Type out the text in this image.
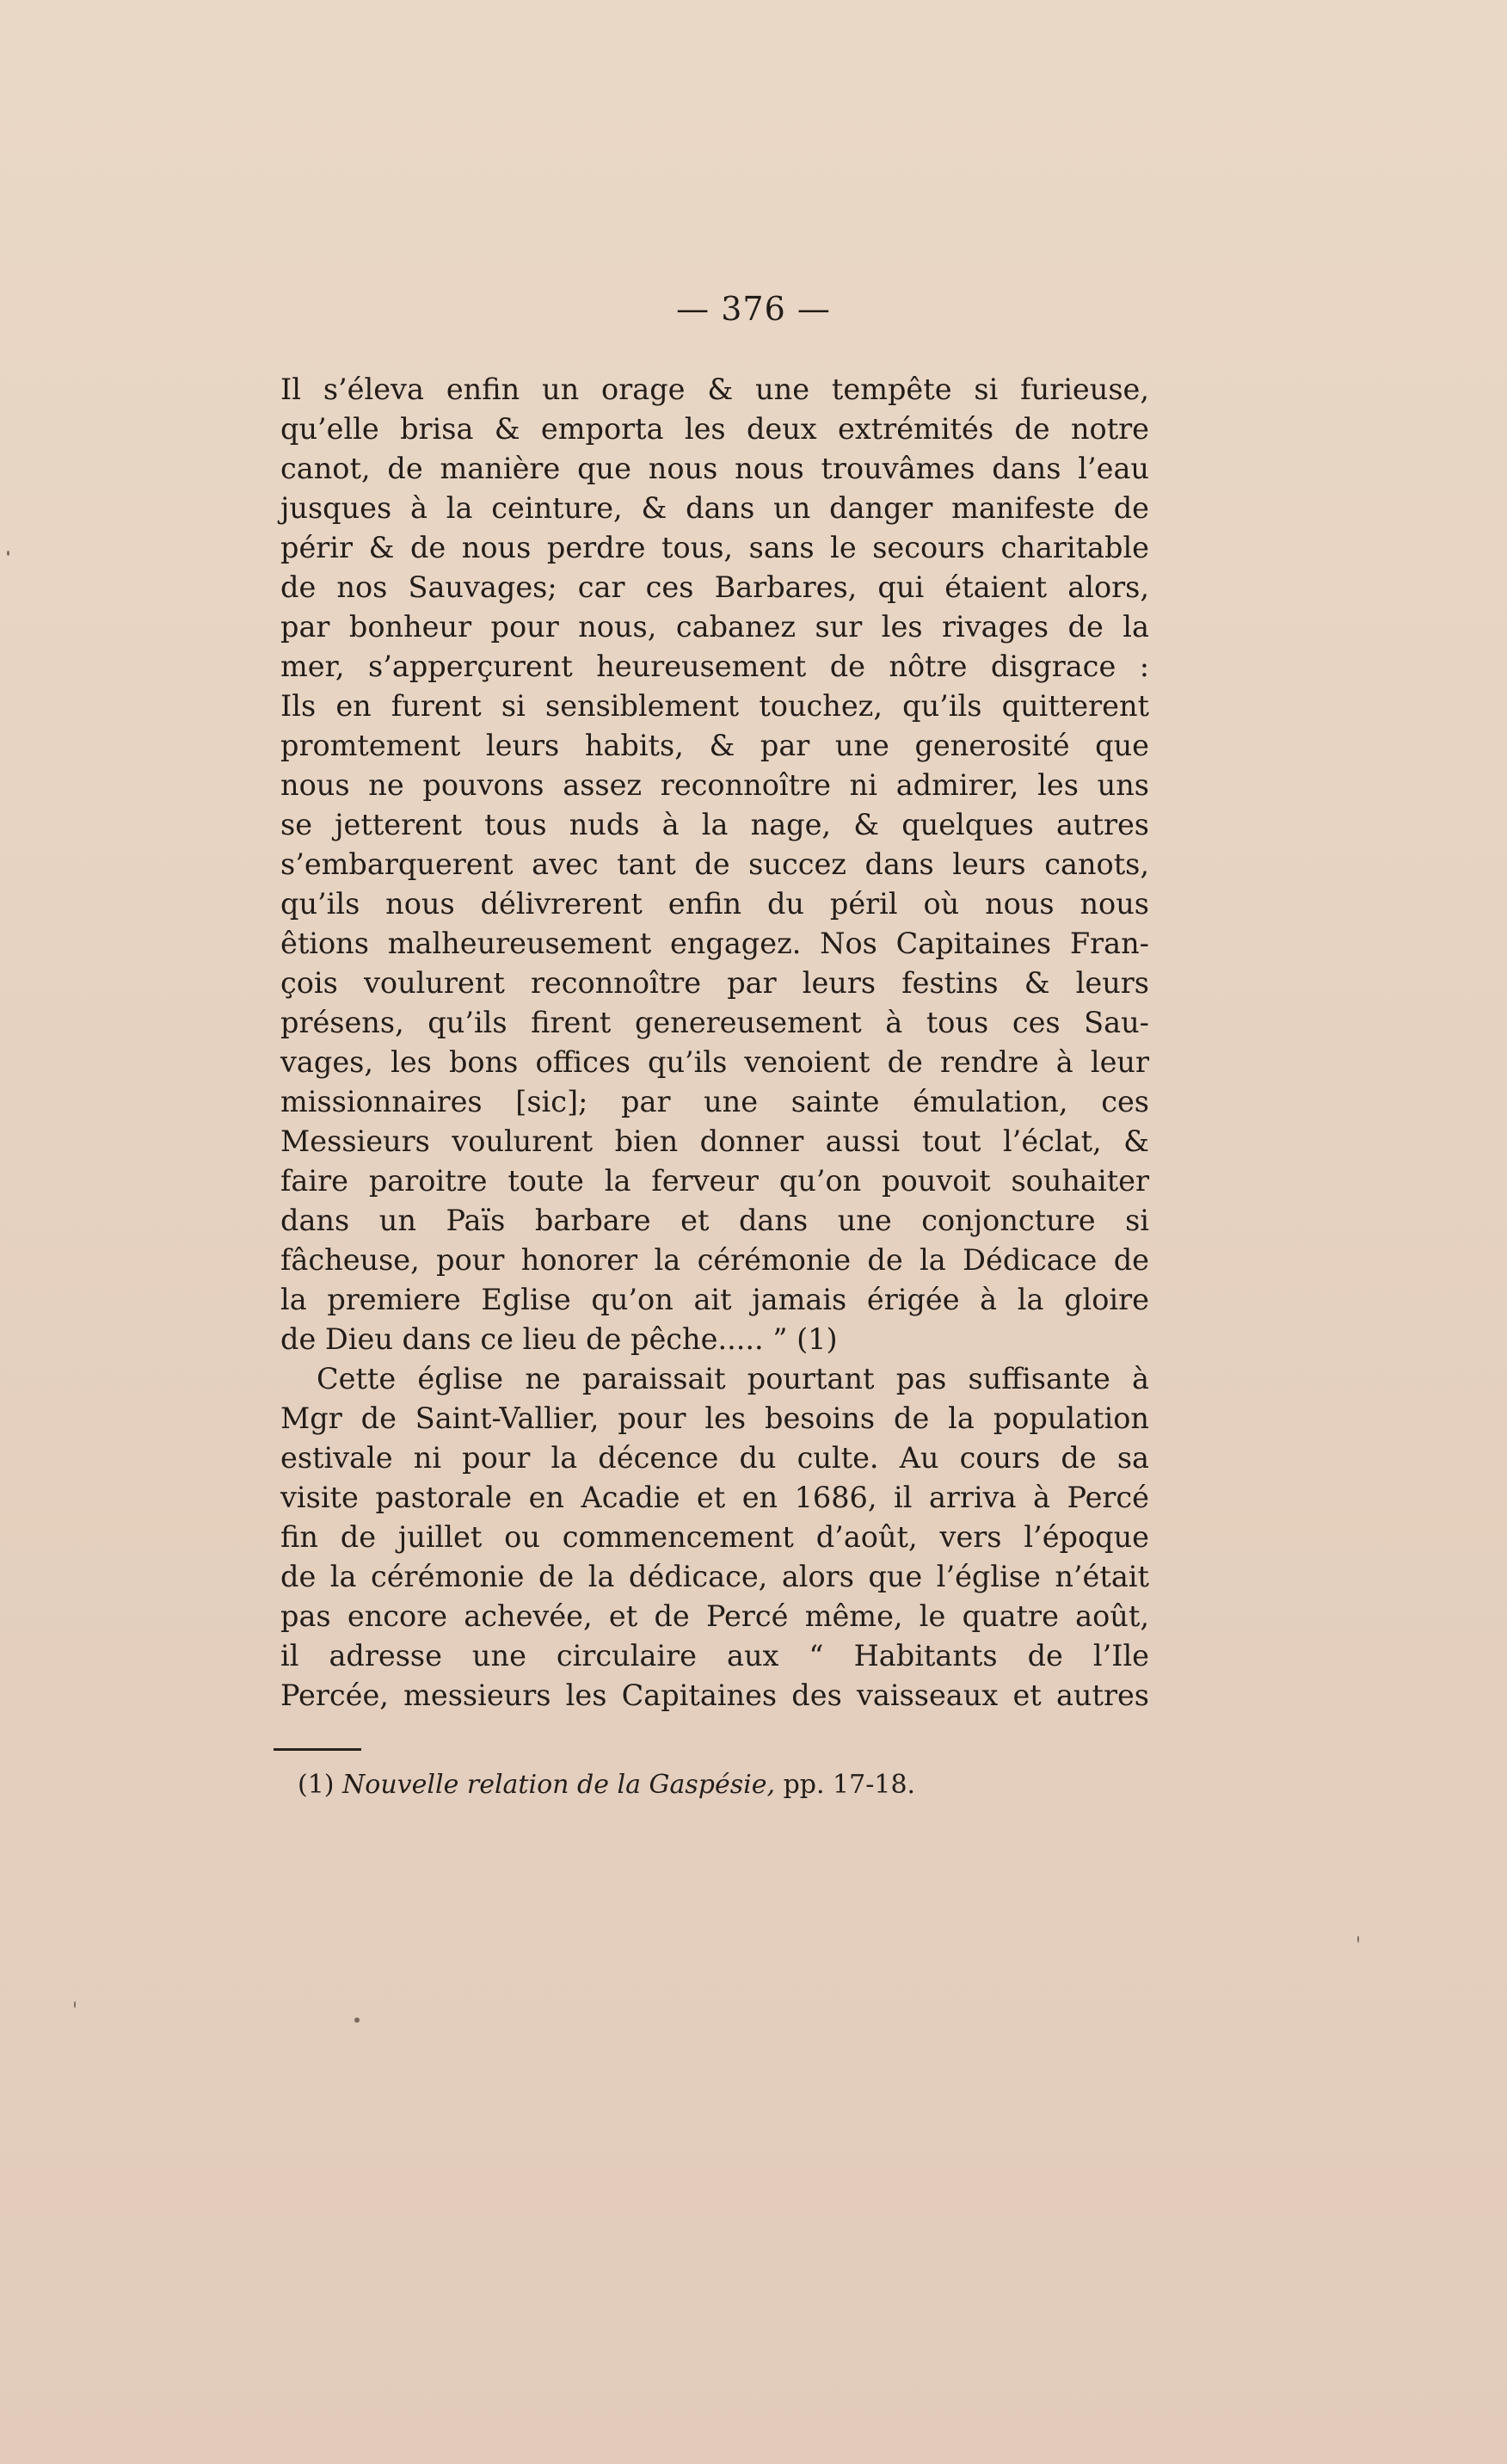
— 376 —
Il s’éleva enfin un orage & une tempête si furieuse,
qu’elle brisa & emporta les deux extrémités de notre
canot, de manière que nous nous trouvâmes dans l’eau
jusques à la ceinture, & dans un danger manifeste de
périr & de nous perdre tous, sans le secours charitable
de nos Sauvages; car ces Barbares, qui étaient alors,
par bonheur pour nous, cabanez sur les rivages de la
mer, s’apperçurent heureusement de nôtre disgrace :
Ils en furent si sensiblement touchez, qu’ils quitterent
promtement leurs habits, & par une generosité que
nous ne pouvons assez reconnoître ni admirer, les uns
se jetterent tous nuds à la nage, & quelques autres
s’embarquerent avec tant de succez dans leurs canots,
qu’ils nous délivrerent enfin du péril où nous nous
êtions malheureusement engagez. Nos Capitaines Fran-
çois voulurent reconnoître par leurs festins & leurs
présens, qu’ils firent genereusement à tous ces Sau-
vages, les bons offices qu’ils venoient de rendre à leur
missionnaires [sic]; par une sainte émulation, ces
Messieurs voulurent bien donner aussi tout l’éclat, &
faire paroitre toute la ferveur qu’on pouvoit souhaiter
dans un Païs barbare et dans une conjoncture si
fâcheuse, pour honorer la cérémonie de la Dédicace de
la premiere Eglise qu’on ait jamais érigée à la gloire
de Dieu dans ce lieu de pêche..... ” (1)
Cette église ne paraissait pourtant pas suffisante à
Mgr de Saint-Vallier, pour les besoins de la population
estivale ni pour la décence du culte. Au cours de sa
visite pastorale en Acadie et en 1686, il arriva à Percé
fin de juillet ou commencement d’août, vers l’époque
de la cérémonie de la dédicace, alors que l’église n’était
pas encore achevée, et de Percé même, le quatre août,
il adresse une circulaire aux “ Habitants de l’Ile
Percée, messieurs les Capitaines des vaisseaux et autres
(1) Nouvelle relation de la Gaspésie, pp. 17-18.
